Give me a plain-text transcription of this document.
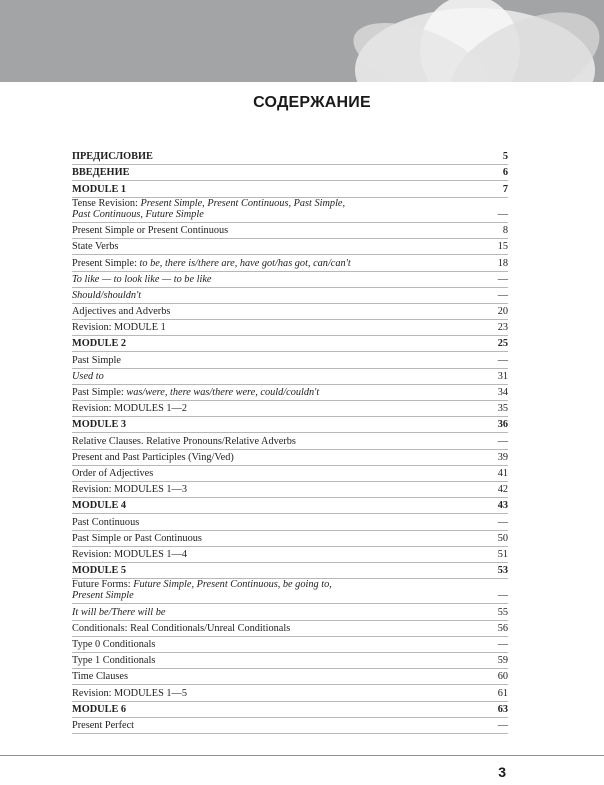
СОДЕРЖАНИЕ
ПРЕДИСЛОВИЕ	5
ВВЕДЕНИЕ	6
MODULE 1	7
Tense Revision: Present Simple, Present Continuous, Past Simple,
Past Continuous, Future Simple	—
Present Simple or Present Continuous	8
State Verbs	15
Present Simple: to be, there is/there are, have got/has got, can/can't	18
To like — to look like — to be like	—
Should/shouldn't	—
Adjectives and Adverbs	20
Revision: MODULE 1	23
MODULE 2	25
Past Simple	—
Used to	31
Past Simple: was/were, there was/there were, could/couldn't	34
Revision: MODULES 1—2	35
MODULE 3	36
Relative Clauses. Relative Pronouns/Relative Adverbs	—
Present and Past Participles (Ving/Ved)	39
Order of Adjectives	41
Revision: MODULES 1—3	42
MODULE 4	43
Past Continuous	—
Past Simple or Past Continuous	50
Revision: MODULES 1—4	51
MODULE 5	53
Future Forms: Future Simple, Present Continuous, be going to,
Present Simple	—
It will be/There will be	55
Conditionals: Real Conditionals/Unreal Conditionals	56
Type 0 Conditionals	—
Type 1 Conditionals	59
Time Clauses	60
Revision: MODULES 1—5	61
MODULE 6	63
Present Perfect	—
3
